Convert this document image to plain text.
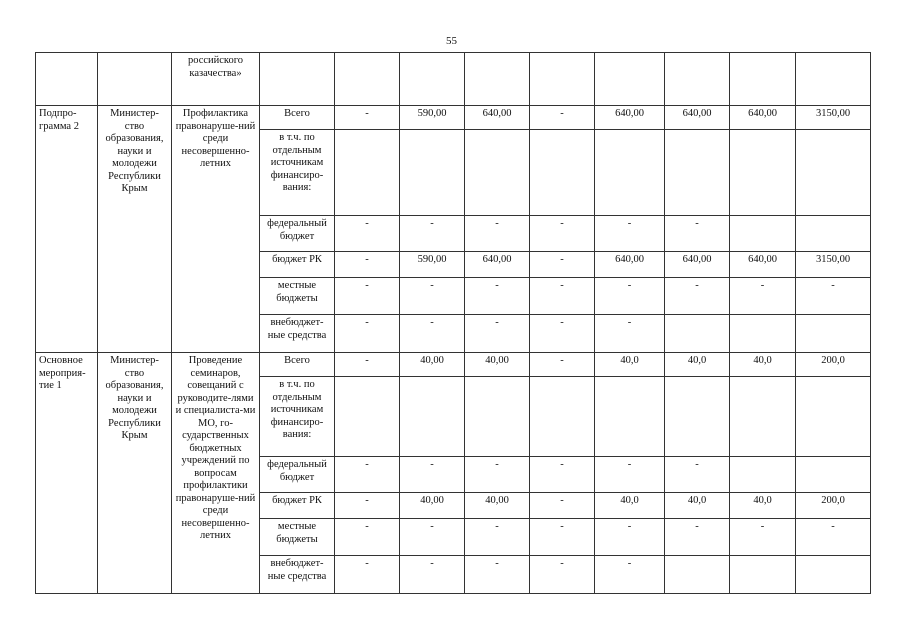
55
		российского казачества»									
Подпро-грамма 2	Министер-ство образования, науки и молодежи Республики Крым	Профилактика правонаруше-ний среди несовершенно-летних	Всего	-	590,00	640,00	-	640,00	640,00	640,00	3150,00
			в т.ч. по отдельным источникам финансиро-вания:								
			федеральный бюджет	-	-	-	-	-	-		
			бюджет РК	-	590,00	640,00	-	640,00	640,00	640,00	3150,00
			местные бюджеты	-	-	-	-	-	-	-	-
			внебюджет-ные средства	-	-	-	-	-			
Основное мероприя-тие 1	Министер-ство образования, науки и молодежи Республики Крым	Проведение семинаров, совещаний с руководите-лями и специалиста-ми МО, го-сударственных бюджетных учреждений по вопросам профилактики правонаруше-ний среди несовершенно-летних	Всего	-	40,00	40,00	-	40,0	40,0	40,0	200,0
			в т.ч. по отдельным источникам финансиро-вания:								
			федеральный бюджет	-	-	-	-	-	-		
			бюджет РК	-	40,00	40,00	-	40,0	40,0	40,0	200,0
			местные бюджеты	-	-	-	-	-	-	-	-
			внебюджет-ные средства	-	-	-	-	-			
